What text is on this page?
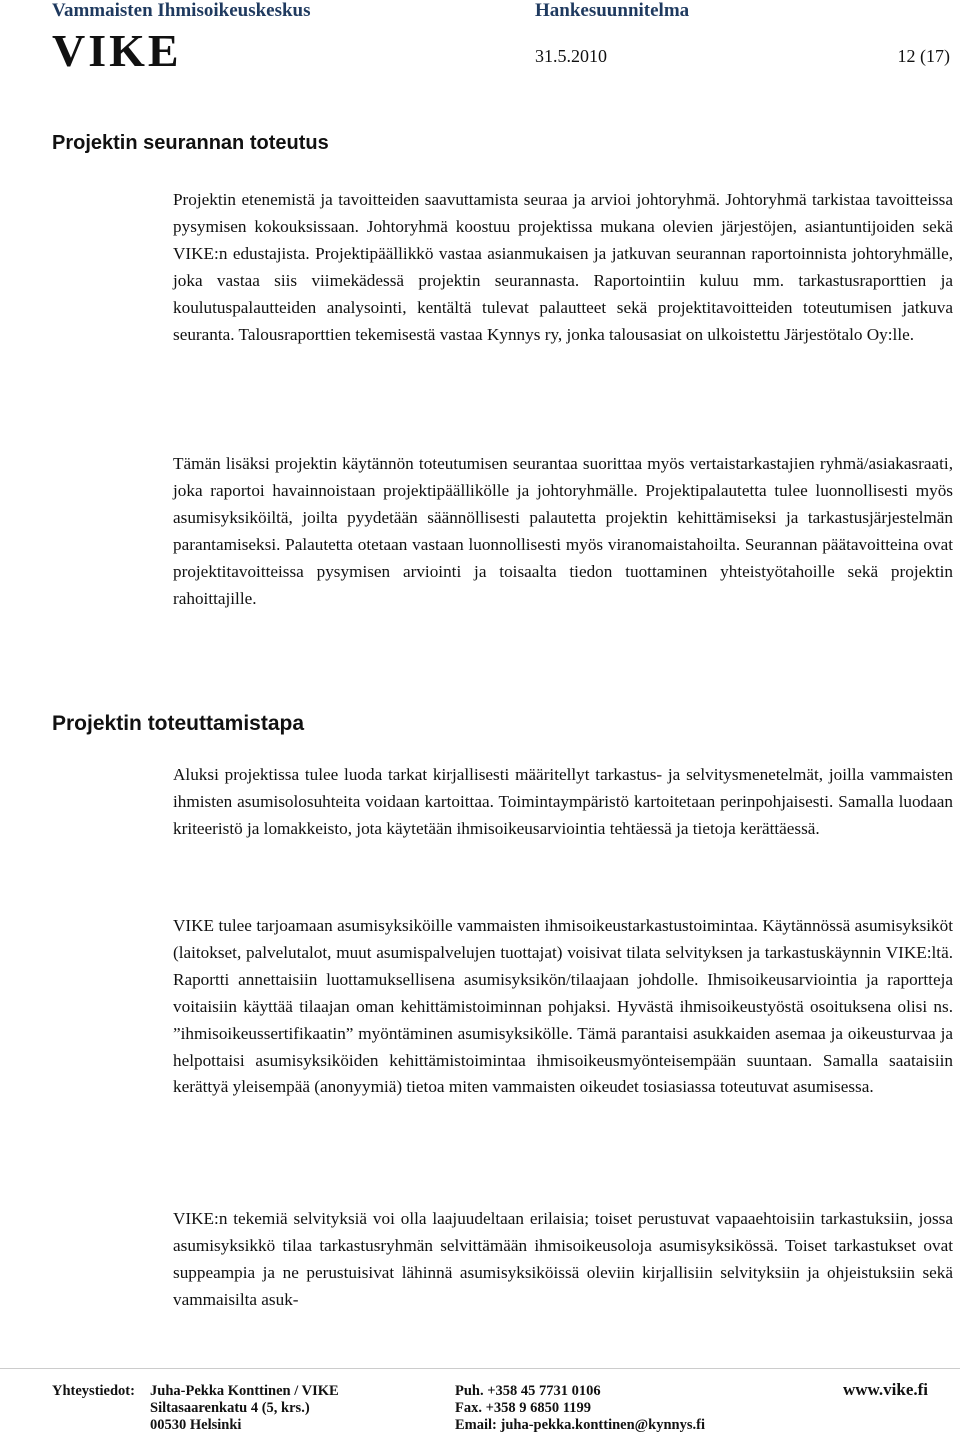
Vammaisten Ihmisoikeuskeskus	Hankesuunnitelma
VIKE	31.5.2010	12 (17)
Projektin seurannan toteutus

Projektin etenemistä ja tavoitteiden saavuttamista seuraa ja arvioi johtoryhmä. Johtoryhmä tarkistaa tavoitteissa pysymisen kokouksissaan. Johtoryhmä koostuu projektissa mukana olevien järjestöjen, asiantuntijoiden sekä VIKE:n edustajista. Projektipäällikkö vastaa asianmukaisen ja jatkuvan seurannan raportoinnista johtoryhmälle, joka vastaa siis viimekädessä projektin seurannasta. Raportointiin kuluu mm. tarkastusraporttien ja koulutuspalautteiden analysointi, kentältä tulevat palautteet sekä projektitavoitteiden toteutumisen jatkuva seuranta. Talousraporttien tekemisestä vastaa Kynnys ry, jonka talousasiat on ulkoistettu Järjestötalo Oy:lle.

Tämän lisäksi projektin käytännön toteutumisen seurantaa suorittaa myös vertaistarkastajien ryhmä/asiakasraati, joka raportoi havainnoistaan projektipäällikölle ja johtoryhmälle. Projektipalautetta tulee luonnollisesti myös asumisyksiköiltä, joilta pyydetään säännöllisesti palautetta projektin kehittämiseksi ja tarkastusjärjestelmän parantamiseksi. Palautetta otetaan vastaan luonnollisesti myös viranomaistahoilta. Seurannan päätavoitteina ovat projektitavoitteissa pysymisen arviointi ja toisaalta tiedon tuottaminen yhteistyötahoille sekä projektin rahoittajille.

Projektin toteuttamistapa

Aluksi projektissa tulee luoda tarkat kirjallisesti määritellyt tarkastus- ja selvitysmenetelmät, joilla vammaisten ihmisten asumisolosuhteita voidaan kartoittaa. Toimintaympäristö kartoitetaan perinpohjaisesti. Samalla luodaan kriteeristö ja lomakkeisto, jota käytetään ihmisoikeusarviointia tehtäessä ja tietoja kerättäessä.

VIKE tulee tarjoamaan asumisyksiköille vammaisten ihmisoikeustarkastustoimintaa. Käytännössä asumisyksiköt (laitokset, palvelutalot, muut asumispalvelujen tuottajat) voisivat tilata selvityksen ja tarkastuskäynnin VIKE:ltä. Raportti annettaisiin luottamuksellisena asumisyksikön/tilaajaan johdolle. Ihmisoikeusarviointia ja raportteja voitaisiin käyttää tilaajan oman kehittämistoiminnan pohjaksi. Hyvästä ihmisoikeustyöstä osoituksena olisi ns. ”ihmisoikeussertifikaatin” myöntäminen asumisyksikölle. Tämä parantaisi asukkaiden asemaa ja oikeusturvaa ja helpottaisi asumisyksiköiden kehittämistoimintaa ihmisoikeusmyönteisempään suuntaan. Samalla saataisiin kerättyä yleisempää (anonyymiä) tietoa miten vammaisten oikeudet tosiasiassa toteutuvat asumisessa.

VIKE:n tekemiä selvityksiä voi olla laajuudeltaan erilaisia; toiset perustuvat vapaaehtoisiin tarkastuksiin, jossa asumisyksikkö tilaa tarkastusryhmän selvittämään ihmisoikeusoloja asumisyksikössä. Toiset tarkastukset ovat suppeampia ja ne perustuisivat lähinnä asumisyksiköissä oleviin kirjallisiin selvityksiin ja ohjeistuksiin sekä vammaisilta asuk-

Yhteystiedot: Juha-Pekka Konttinen / VIKE
Siltasaarenkatu 4 (5, krs.)
00530 Helsinki
Puh. +358 45 7731 0106
Fax. +358 9 6850 1199
Email: juha-pekka.konttinen@kynnys.fi
www.vike.fi
